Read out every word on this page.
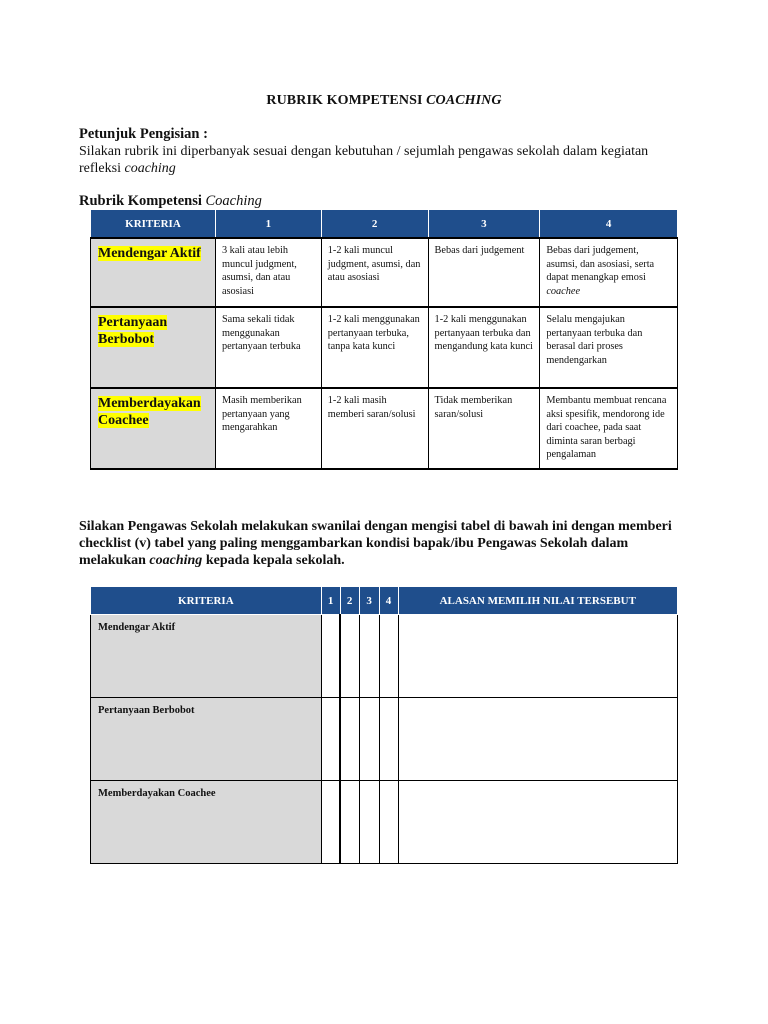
RUBRIK KOMPETENSI COACHING
Petunjuk Pengisian :
Silakan rubrik ini diperbanyak sesuai dengan kebutuhan / sejumlah pengawas sekolah dalam kegiatan refleksi coaching
Rubrik Kompetensi Coaching
KRITERIA	1	2	3	4
Mendengar Aktif	3 kali atau lebih muncul judgment, asumsi, dan atau asosiasi	1-2 kali muncul judgment, asumsi, dan atau asosiasi	Bebas dari judgement	Bebas dari judgement, asumsi, dan asosiasi, serta dapat menangkap emosi coachee
Pertanyaan Berbobot	Sama sekali tidak menggunakan pertanyaan terbuka	1-2 kali menggunakan pertanyaan terbuka, tanpa kata kunci	1-2 kali menggunakan pertanyaan terbuka dan mengandung kata kunci	Selalu mengajukan pertanyaan terbuka dan berasal dari proses mendengarkan
Memberdayakan Coachee	Masih memberikan pertanyaan yang mengarahkan	1-2 kali masih memberi saran/solusi	Tidak memberikan saran/solusi	Membantu membuat rencana aksi spesifik, mendorong ide dari coachee, pada saat diminta saran berbagi pengalaman
Silakan Pengawas Sekolah melakukan swanilai dengan mengisi tabel di bawah ini dengan memberi checklist (v) tabel yang paling menggambarkan kondisi bapak/ibu Pengawas Sekolah dalam melakukan coaching kepada kepala sekolah.
KRITERIA	1	2	3	4	ALASAN MEMILIH NILAI TERSEBUT
Mendengar Aktif					
Pertanyaan Berbobot					
Memberdayakan Coachee					
